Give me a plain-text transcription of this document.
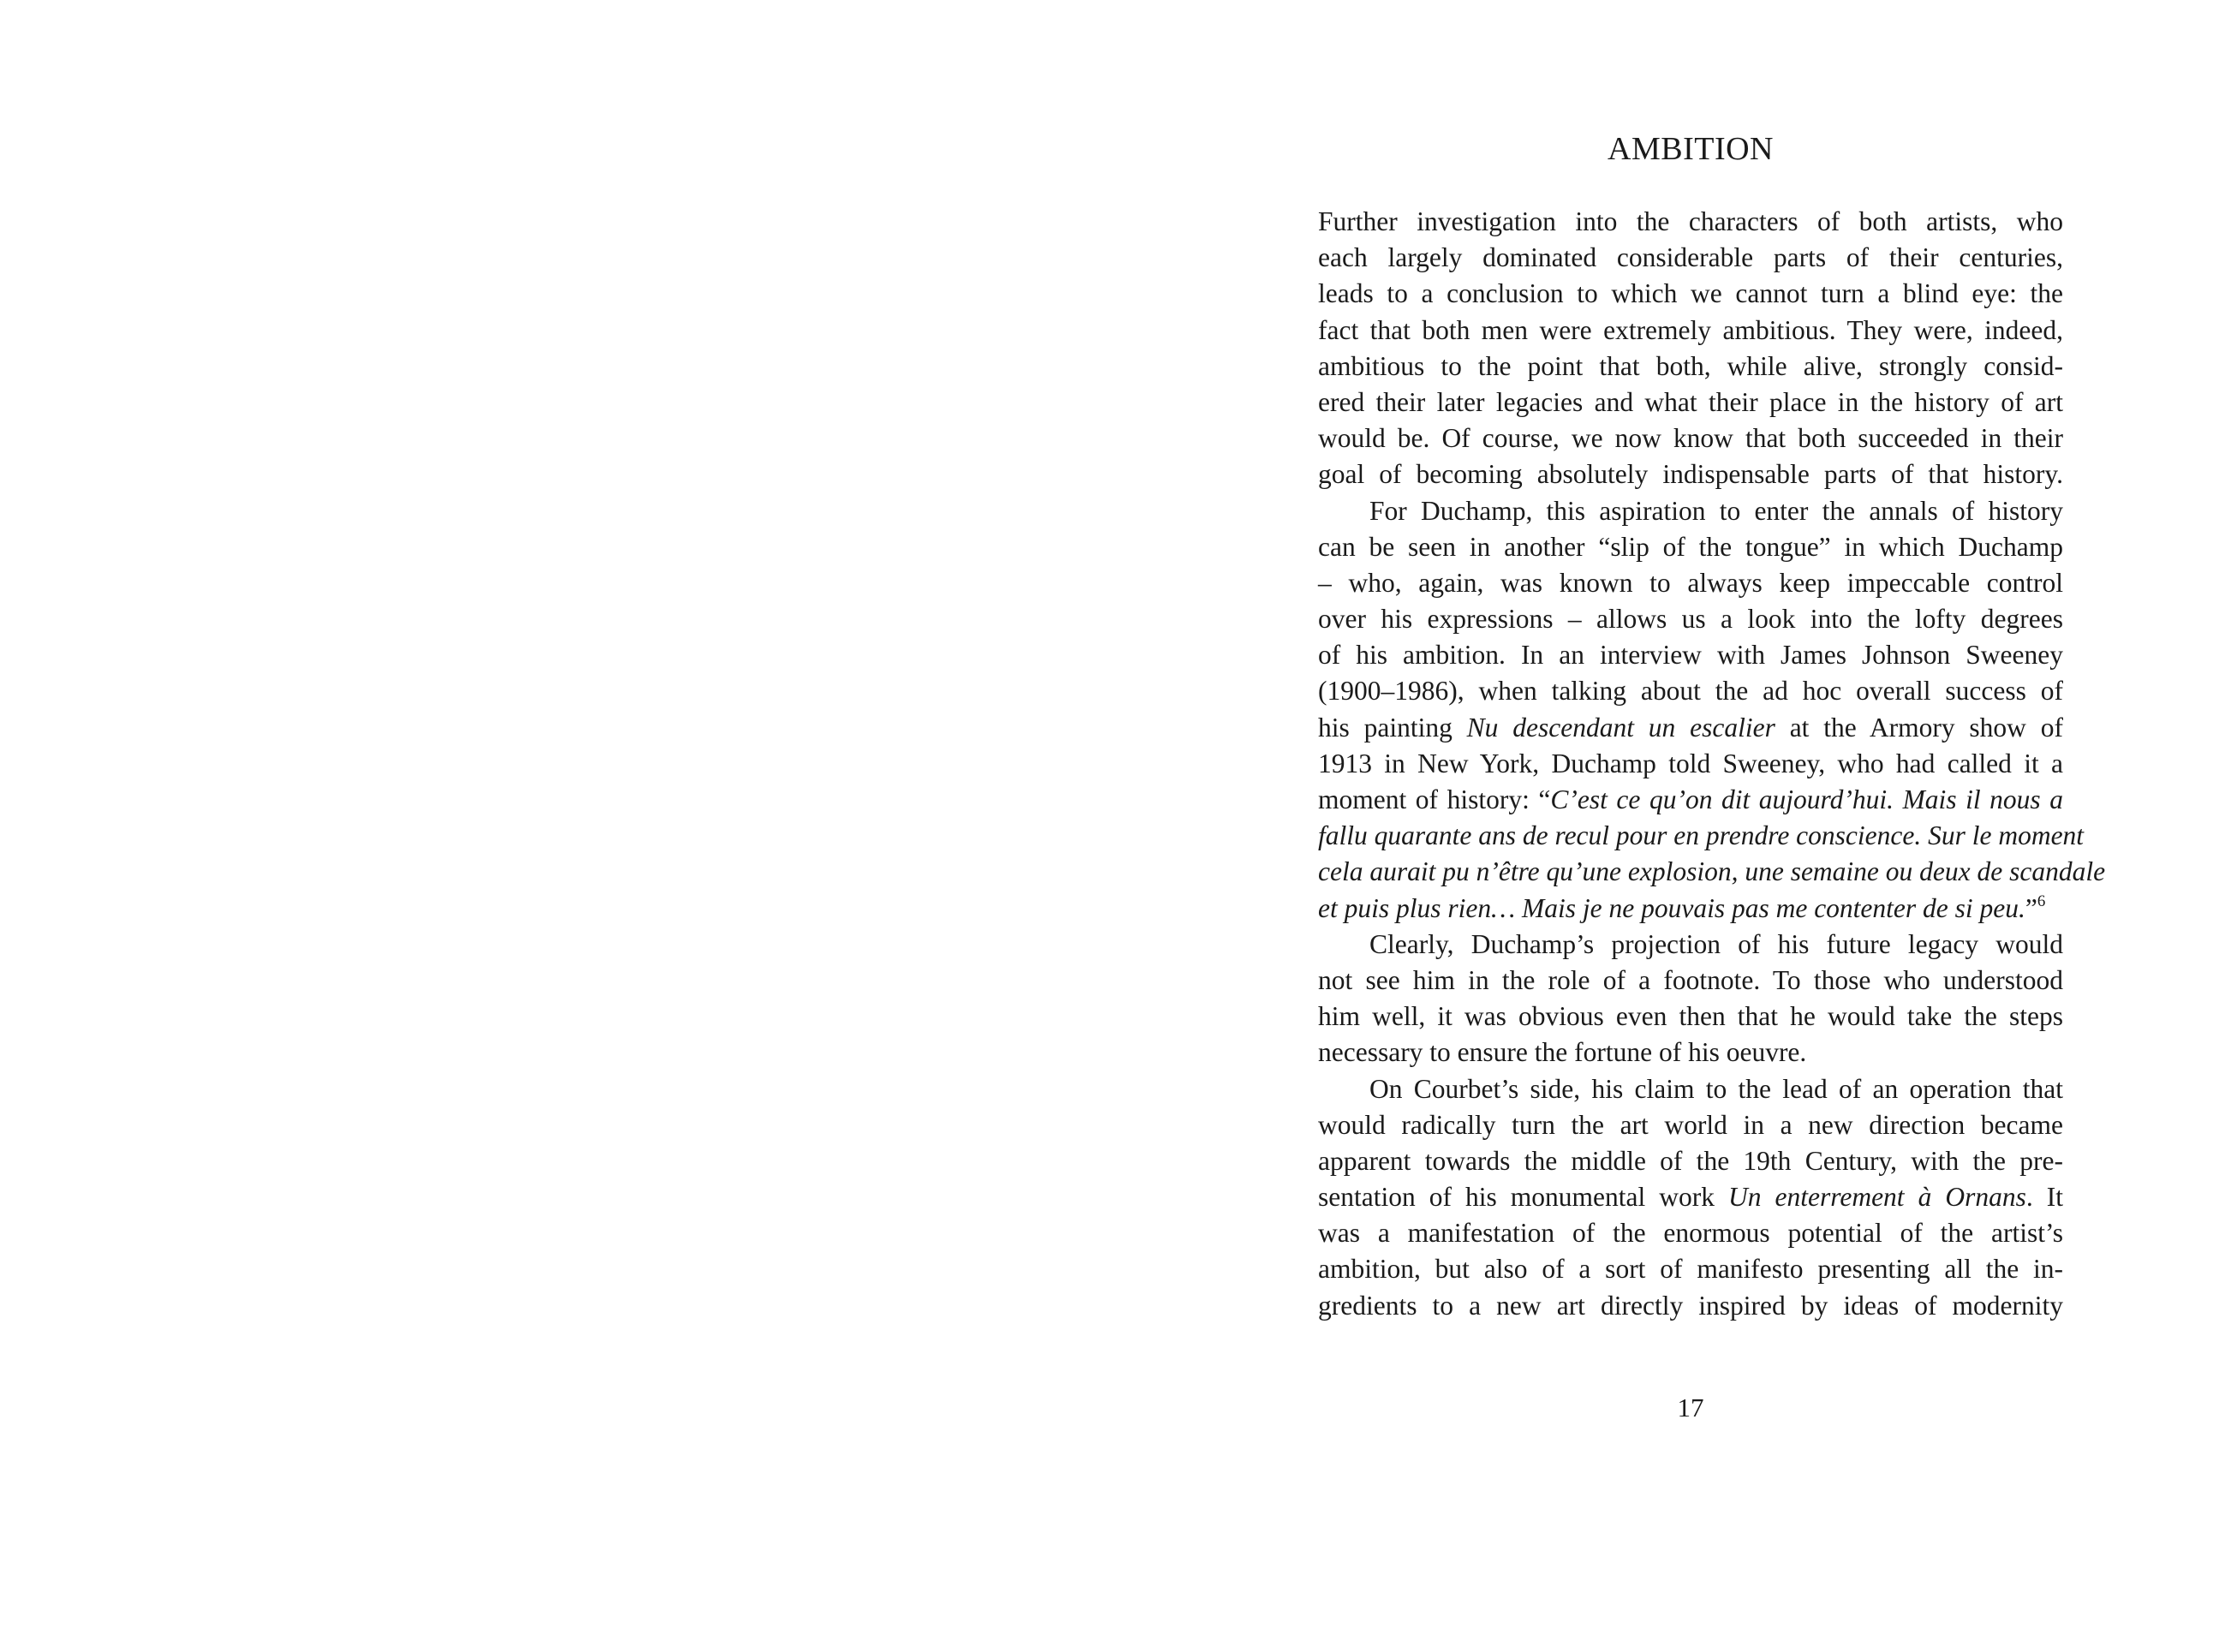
AMBITION
Further investigation into the characters of both artists, who
each largely dominated considerable parts of their centuries,
leads to a conclusion to which we cannot turn a blind eye: the
fact that both men were extremely ambitious. They were, indeed,
ambitious to the point that both, while alive, strongly consid-
ered their later legacies and what their place in the history of art
would be. Of course, we now know that both succeeded in their
goal of becoming absolutely indispensable parts of that history.
For Duchamp, this aspiration to enter the annals of history
can be seen in another “slip of the tongue” in which Duchamp
– who, again, was known to always keep impeccable control
over his expressions – allows us a look into the lofty degrees
of his ambition. In an interview with James Johnson Sweeney
(1900–1986), when talking about the ad hoc overall success of
his painting Nu descendant un escalier at the Armory show of
1913 in New York, Duchamp told Sweeney, who had called it a
moment of history: “C’est ce qu’on dit aujourd’hui. Mais il nous a
fallu quarante ans de recul pour en prendre conscience. Sur le moment
cela aurait pu n’être qu’une explosion, une semaine ou deux de scandale
et puis plus rien… Mais je ne pouvais pas me contenter de si peu.”$^6$
Clearly, Duchamp’s projection of his future legacy would
not see him in the role of a footnote. To those who understood
him well, it was obvious even then that he would take the steps
necessary to ensure the fortune of his oeuvre.
On Courbet’s side, his claim to the lead of an operation that
would radically turn the art world in a new direction became
apparent towards the middle of the 19th Century, with the pre-
sentation of his monumental work Un enterrement à Ornans. It
was a manifestation of the enormous potential of the artist’s
ambition, but also of a sort of manifesto presenting all the in-
gredients to a new art directly inspired by ideas of modernity
17
